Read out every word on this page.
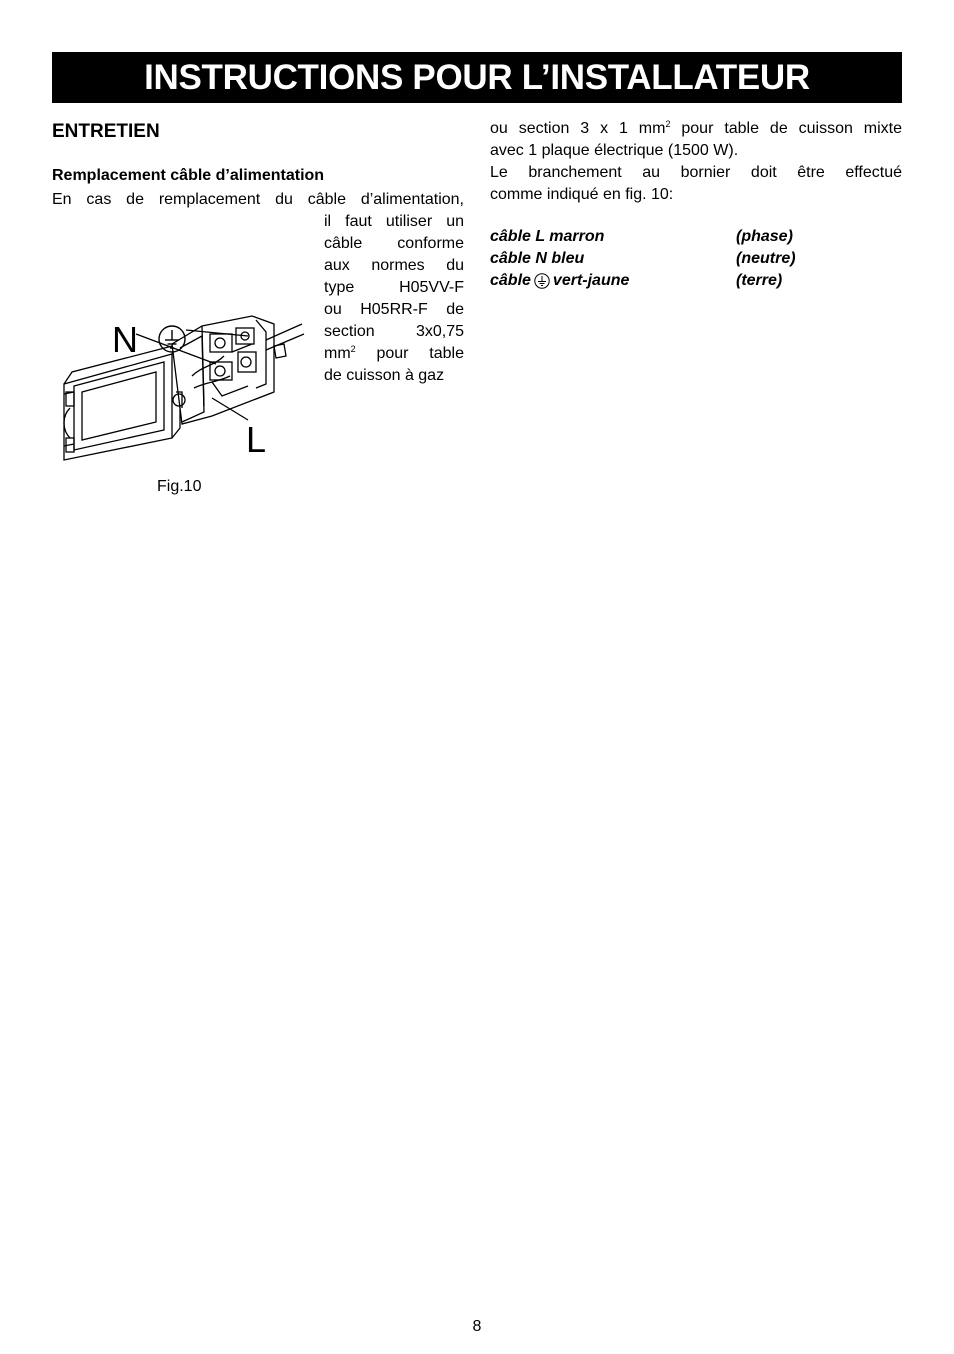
INSTRUCTIONS POUR L’INSTALLATEUR
ENTRETIEN
Remplacement câble d’alimentation
En cas de remplacement du câble d’alimentation,
N
L
Fig.10
il faut utiliser un
câble conforme
aux normes du
type H05VV-F
ou H05RR-F de
section 3x0,75
$mm^2$ pour table
de cuisson à gaz
ou section 3 x 1 $mm^2$ pour table de cuisson mixte
avec 1 plaque électrique (1500 W).
Le branchement au bornier doit être effectué
comme indiqué en fig. 10:
câble L marron	(phase)
câble N bleu	(neutre)
câble vert-jaune	(terre)
8
